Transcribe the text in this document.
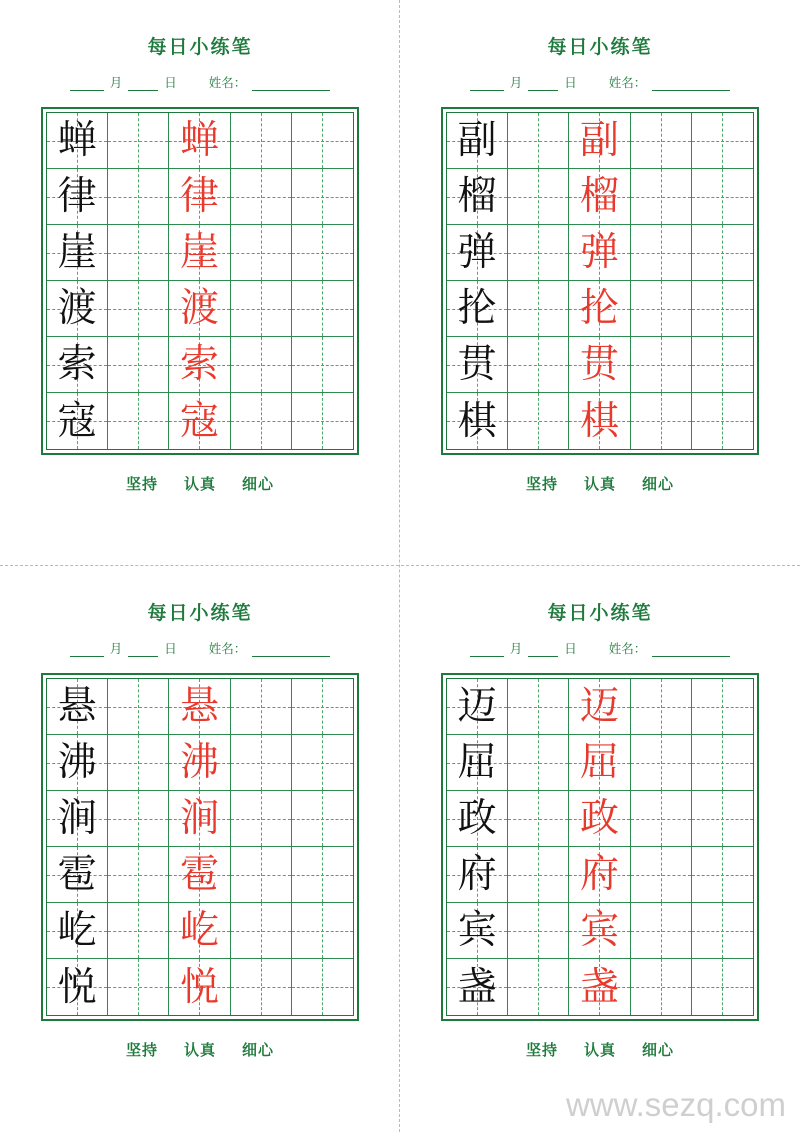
每日小练笔
月	日	姓名：
蝉 蝉
律 律
崖 崖
渡 渡
索 索
寇 寇
坚持 认真 细心
每日小练笔
月	日	姓名：
副 副
榴 榴
弹 弹
抡 抡
贯 贯
棋 棋
坚持 认真 细心
每日小练笔
月	日	姓名：
悬 悬
沸 沸
涧 涧
雹 雹
屹 屹
悦 悦
坚持 认真 细心
每日小练笔
月	日	姓名：
迈 迈
屈 屈
政 政
府 府
宾 宾
盏 盏
坚持 认真 细心
www.sezq.com
